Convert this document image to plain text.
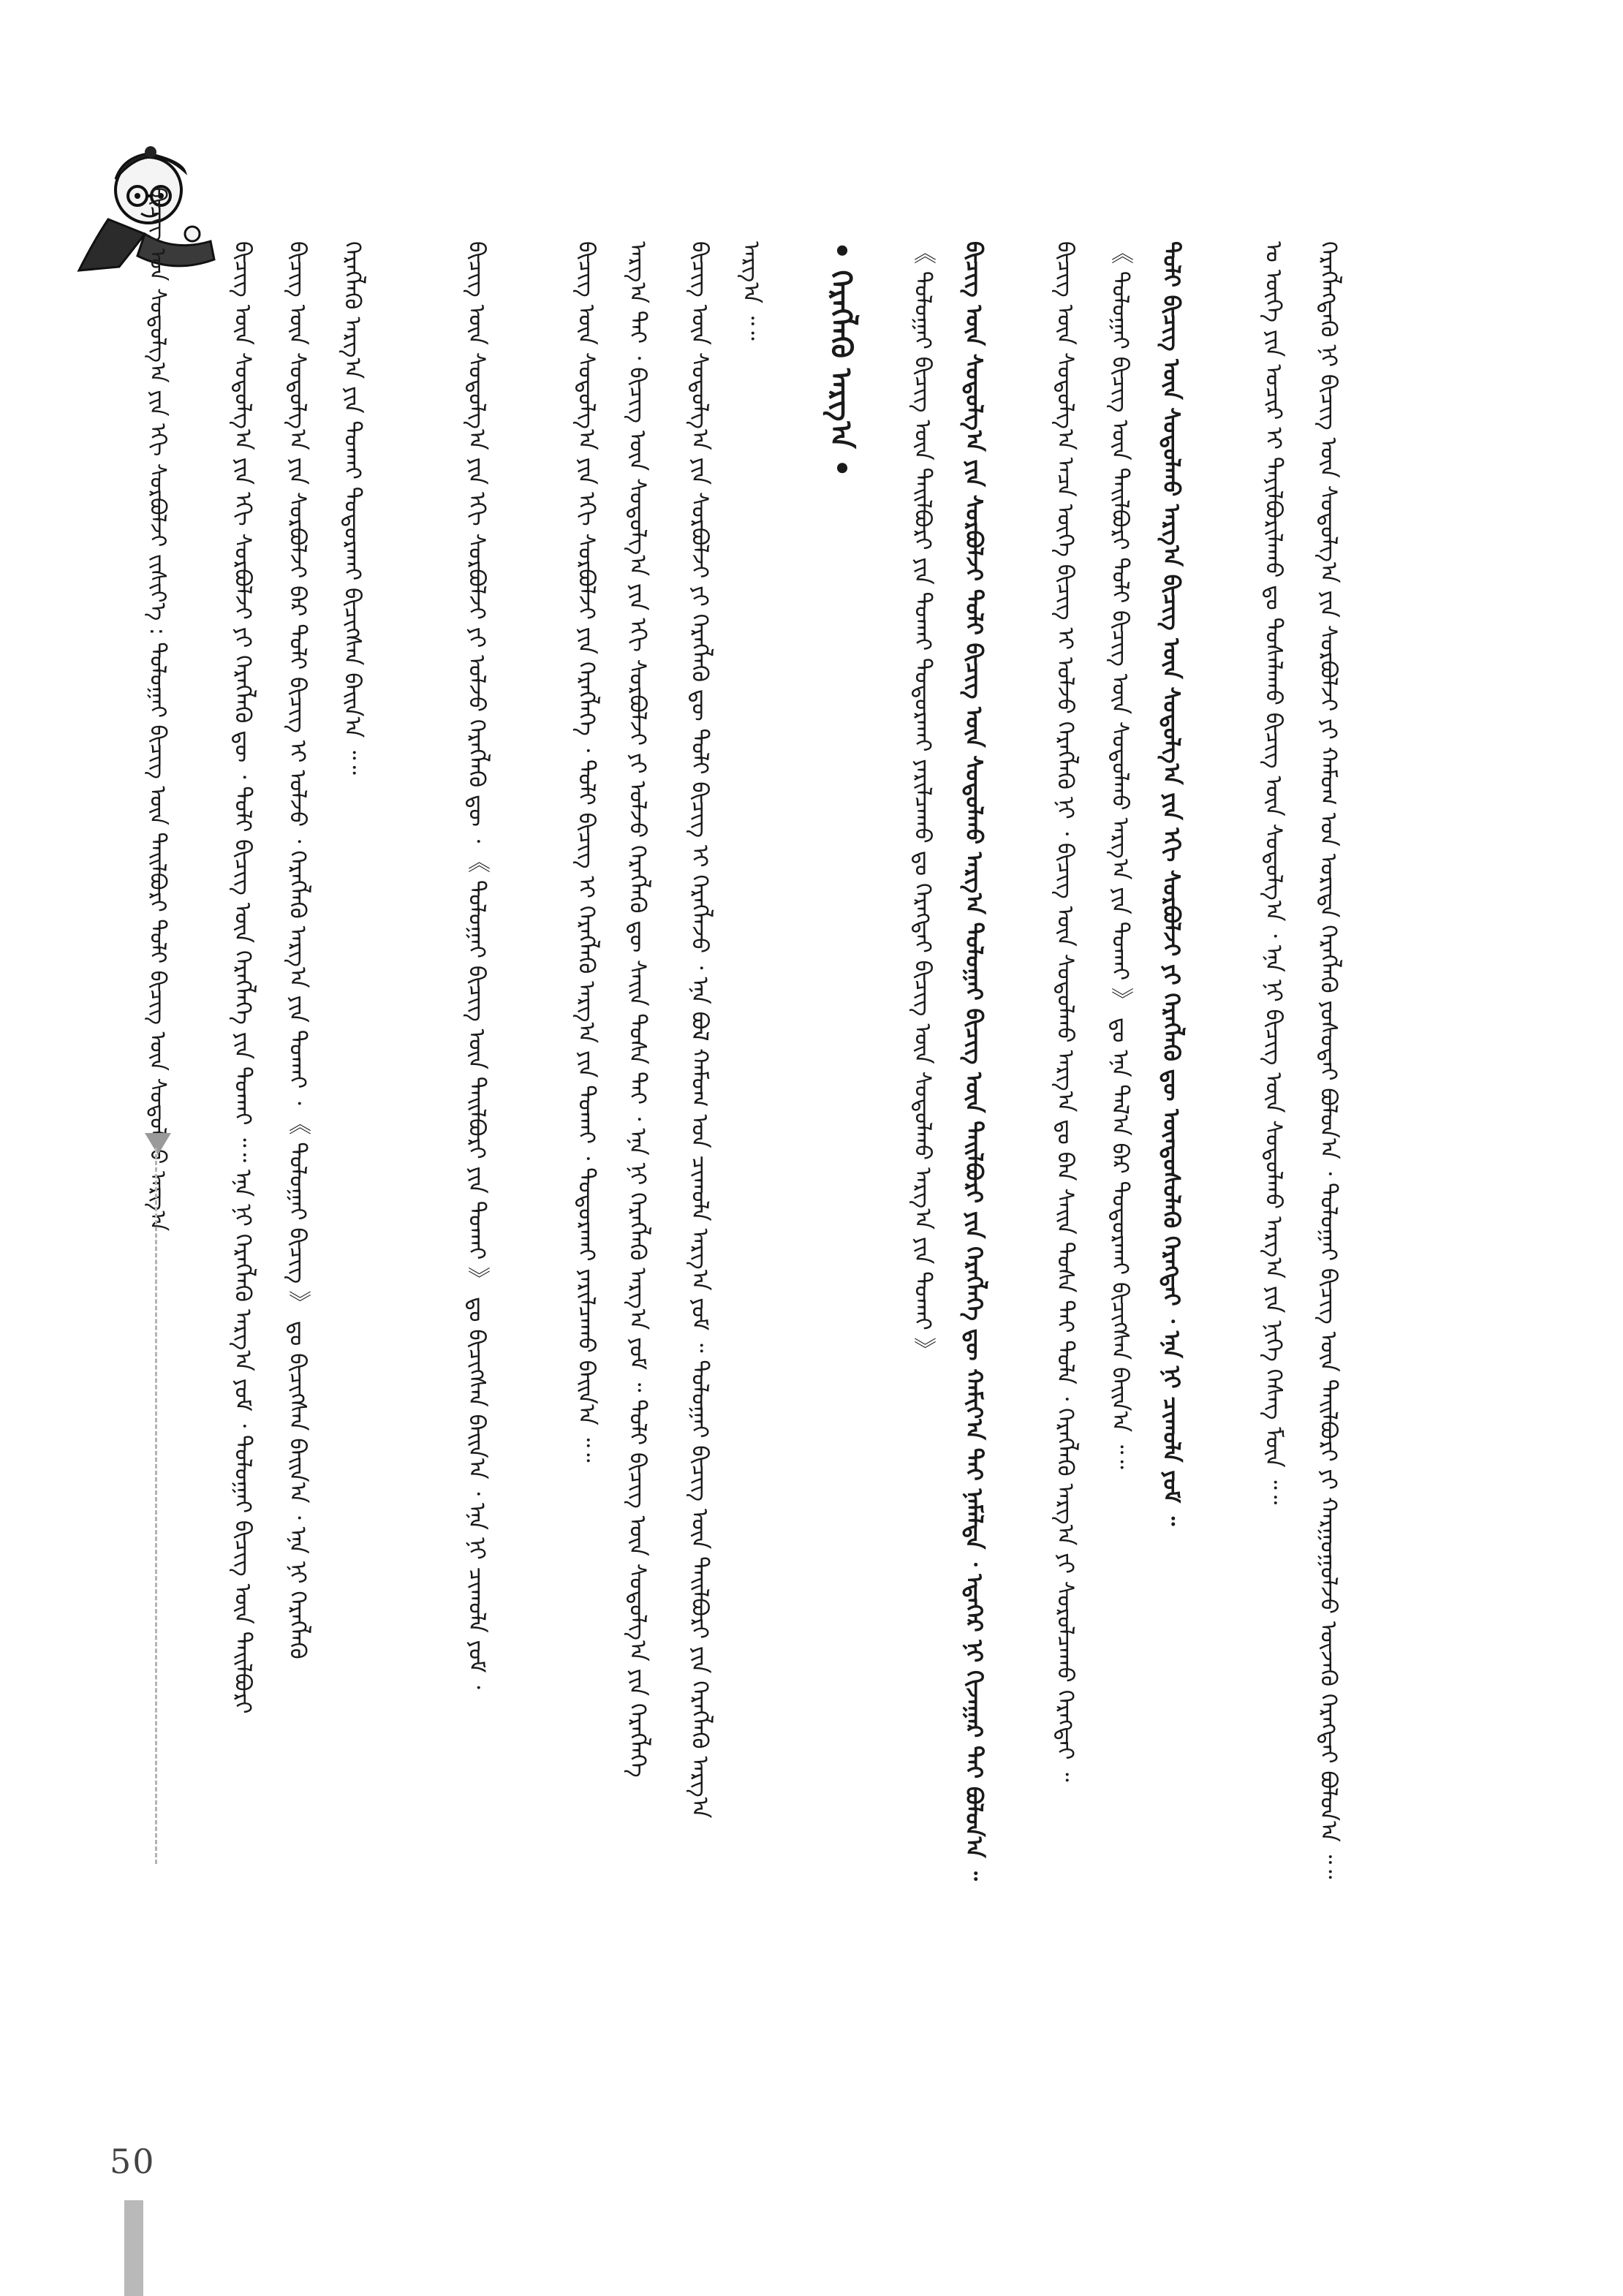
ᠪᠢᠴᠢᠭ᠌ ᠤᠨ ᠰᠤᠳᠤᠯᠭ᠎ᠠ ᠶᠢᠨ ᠡᠬᠢ ᠰᠤᠷᠪᠤᠯᠵᠢ ᠵᠢᠱᠢᠶ᠎ᠡ : ᠲᠤᠯᠤᠭᠠᠢ ᠪᠢᠴᠢᠭ᠌ ᠦᠨ ᠲᠠᠢᠯᠪᠤᠷᠢ ᠲᠣᠯᠢ ᠪᠢᠴᠢᠭ᠌ ᠦᠨ ᠰᠤᠳᠤᠯᠬᠤ ᠠᠷᠭ᠎ᠠ
50
ᠬᠡᠷᠡᠭᠯᠡᠭᠳᠡᠬᠦ ᠨᠢ ᠪᠢᠴᠢᠭ᠌ ᠦᠨ ᠰᠤᠳᠤᠯᠭ᠎ᠠ ᠶᠢᠨ ᠰᠤᠷᠪᠤᠯᠵᠢ ᠶᠢ ᠬᠠᠮᠤᠭ ᠤᠨ ᠤᠷᠢᠳᠠ ᠬᠡᠷᠡᠭᠯᠡᠬᠦ ᠶᠤᠰᠤᠲᠠᠢ ᠪᠣᠯᠤᠨ᠎ᠠ ᠂ ᠲᠤᠯᠤᠭᠠᠢ ᠪᠢᠴᠢᠭ᠌ ᠦᠨ ᠲᠠᠢᠯᠪᠤᠷᠢ ᠶᠢ ᠬᠠᠷᠭᠤᠭᠤᠯᠵᠤ ᠦᠵᠡᠬᠦ ᠬᠡᠷᠡᠭᠲᠡᠢ ᠪᠣᠯᠤᠨ᠎ᠠ ᠃᠃
ᠤ ᠦᠭᠡ ᠶᠢᠨ ᠤᠴᠢᠷ ᠢ ᠲᠠᠶᠢᠯᠪᠤᠷᠢᠯᠠᠬᠤ ᠳᠤ ᠲᠤᠰᠠᠯᠠᠬᠤ ᠪᠢᠴᠢᠭ᠌ ᠦᠨ ᠰᠤᠳᠤᠯᠭ᠎ᠠ ᠂ ᠡᠨᠡ ᠨᠢ ᠪᠢᠴᠢᠭ᠌ ᠦᠨ ᠰᠤᠳᠤᠯᠬᠤ ᠠᠷᠭ᠎ᠠ ᠶᠢᠨ ᠨᠢᠭᠡ ᠬᠡᠰᠡᠭ ᠮᠥᠨ ᠃᠃
ᠲᠣᠯᠢ ᠪᠢᠴᠢᠭ ᠦᠨ ᠰᠤᠳᠤᠯᠬᠤ ᠠᠷᠭ᠎ᠠ ᠪᠢᠴᠢᠭ᠌ ᠦᠨ ᠰᠤᠳᠤᠯᠭ᠎ᠠ ᠶᠢᠨ ᠡᠬᠢ ᠰᠤᠷᠪᠤᠯᠵᠢ ᠶᠢ ᠬᠡᠷᠡᠭᠯᠡᠬᠦ ᠳᠦ ᠦᠨᠳᠦᠰᠦᠯᠡᠬᠦ ᠬᠡᠷᠡᠭᠲᠡᠢ ᠂ ᠡᠨᠡ ᠨᠢ ᠴᠢᠬᠤᠯᠠ ᠶᠤᠮ ᠃
《 ᠲᠤᠯᠤᠭᠠᠢ ᠪᠢᠴᠢᠭ᠌ ᠦᠨ ᠲᠠᠢᠯᠪᠤᠷᠢ ᠲᠣᠯᠢ ᠪᠢᠴᠢᠭ᠌ ᠦᠨ ᠰᠤᠳᠤᠯᠬᠤ ᠠᠷᠭ᠎ᠠ ᠶᠢᠨ ᠲᠤᠬᠠᠢ 》 ᠳᠤ ᠡᠨᠡ ᠲᠠᠯ᠎ᠠ ᠪᠠᠷ ᠲᠣᠳᠣᠷᠬᠠᠢ ᠪᠢᠴᠢᠭᠰᠡᠨ ᠪᠠᠢᠨ᠎ᠠ ᠃᠃
ᠪᠢᠴᠢᠭ᠌ ᠦᠨ ᠰᠤᠳᠤᠯᠭ᠎ᠠ ᠠᠴᠠ ᠦᠭᠡ ᠪᠢᠴᠢᠭ ᠢ ᠣᠯᠵᠤ ᠬᠡᠷᠡᠭᠯᠡᠬᠦ ᠨᠢ ᠂ ᠪᠢᠴᠢᠭ᠌ ᠦᠨ ᠰᠤᠳᠤᠯᠬᠤ ᠠᠷᠭ᠎ᠠ ᠳᠤ ᠪᠠᠨ ᠰᠠᠢᠨ ᠲᠤᠰᠠ ᠲᠠᠢ ᠲᠤᠯᠠ ᠂ ᠬᠡᠷᠡᠭᠯᠡᠬᠦ ᠠᠷᠭ᠎ᠠ ᠶᠢ ᠰᠤᠷᠤᠯᠴᠠᠬᠤ ᠬᠡᠷᠡᠭᠲᠡᠢ ᠃
ᠪᠢᠴᠢᠭ᠌ ᠦᠨ ᠰᠤᠳᠤᠯᠭ᠎ᠠ ᠶᠢᠨ ᠰᠤᠷᠪᠤᠯᠵᠢ ᠲᠣᠯᠢ ᠪᠢᠴᠢᠭ ᠦᠨ ᠰᠤᠳᠤᠯᠬᠤ ᠠᠷᠭ᠎ᠠ ᠲᠤᠯᠤᠭᠠᠢ ᠪᠢᠴᠢᠭ᠌ ᠦᠨ ᠲᠠᠢᠯᠪᠤᠷᠢ ᠶᠢᠨ ᠬᠡᠷᠡᠭᠯᠡᠭᠡ ᠳᠦ ᠬᠠᠮᠢᠶ᠎ᠠ ᠲᠠᠢ ᠨᠡᠮᠡᠯᠲᠡ ᠂ ᠡᠳᠡᠭᠡᠷ ᠨᠢ ᠬᠢᠵᠠᠭᠠᠷ ᠲᠠᠢ ᠪᠣᠯᠤᠨ᠎ᠠ ᠃
《 ᠲᠤᠯᠤᠭᠠᠢ ᠪᠢᠴᠢᠭ᠌ ᠦᠨ ᠲᠠᠢᠯᠪᠤᠷᠢ ᠶᠢᠨ ᠲᠤᠬᠠᠢ ᠲᠣᠳᠣᠷᠬᠠᠢ ᠶᠠᠷᠢᠯᠴᠠᠬᠤ ᠳᠤ ᠬᠡᠷᠡᠭᠲᠡᠢ ᠪᠢᠴᠢᠭ᠌ ᠦᠨ ᠰᠤᠳᠤᠯᠬᠤ ᠠᠷᠭ᠎ᠠ ᠶᠢᠨ ᠲᠤᠬᠠᠢ 》
• ᠬᠡᠷᠡᠭᠯᠡᠬᠦ ᠠᠷᠭ᠎ᠠ •
ᠠᠷᠭ᠎ᠠ ᠃᠃
ᠪᠢᠴᠢᠭ᠌ ᠦᠨ ᠰᠤᠳᠤᠯᠭ᠎ᠠ ᠶᠢᠨ ᠰᠤᠷᠪᠤᠯᠵᠢ ᠶᠢ ᠬᠡᠷᠡᠭᠯᠡᠬᠦ ᠳᠦ ᠲᠣᠯᠢ ᠪᠢᠴᠢᠭ᠌ ᠢ ᠬᠡᠷᠡᠭᠯᠡᠵᠦ ᠂ ᠡᠨᠡ ᠪᠣᠯ ᠬᠠᠮᠤᠭ ᠤᠨ ᠴᠢᠬᠤᠯᠠ ᠠᠷᠭ᠎ᠠ ᠶᠤᠮ ᠃ ᠲᠤᠯᠤᠭᠠᠢ ᠪᠢᠴᠢᠭ᠌ ᠦᠨ ᠲᠠᠢᠯᠪᠤᠷᠢ ᠶᠢᠨ ᠬᠡᠷᠡᠭᠯᠡᠬᠦ ᠠᠷᠭ᠎ᠠ
ᠠᠷᠭ᠎ᠠ ᠲᠠᠢ ᠂ ᠪᠢᠴᠢᠭ᠌ ᠦᠨ ᠰᠤᠳᠤᠯᠭ᠎ᠠ ᠶᠢᠨ ᠡᠬᠢ ᠰᠤᠷᠪᠤᠯᠵᠢ ᠶᠢ ᠣᠯᠵᠤ ᠬᠡᠷᠡᠭᠯᠡᠬᠦ ᠳᠦ ᠰᠠᠢᠨ ᠲᠤᠰᠠ ᠲᠠᠢ ᠂ ᠡᠨᠡ ᠨᠢ ᠬᠡᠷᠡᠭᠯᠡᠬᠦ ᠠᠷᠭ᠎ᠠ ᠶᠤᠮ ᠃ ᠲᠣᠯᠢ ᠪᠢᠴᠢᠭ᠌ ᠦᠨ ᠰᠤᠳᠤᠯᠭ᠎ᠠ ᠶᠢᠨ ᠬᠡᠷᠡᠭᠯᠡᠭᠡ
ᠪᠢᠴᠢᠭ᠌ ᠦᠨ ᠰᠤᠳᠤᠯᠭ᠎ᠠ ᠶᠢᠨ ᠡᠬᠢ ᠰᠤᠷᠪᠤᠯᠵᠢ ᠶᠢᠨ ᠬᠡᠷᠡᠭᠯᠡᠭᠡ ᠂ ᠲᠣᠯᠢ ᠪᠢᠴᠢᠭ᠌ ᠢ ᠬᠡᠷᠡᠭᠯᠡᠬᠦ ᠠᠷᠭ᠎ᠠ ᠶᠢᠨ ᠲᠤᠬᠠᠢ ᠂ ᠲᠣᠳᠣᠷᠬᠠᠢ ᠶᠠᠷᠢᠯᠴᠠᠬᠤ ᠪᠠᠢᠨ᠎ᠠ ᠃᠃
ᠪᠢᠴᠢᠭ᠌ ᠦᠨ ᠰᠤᠳᠤᠯᠭ᠎ᠠ ᠶᠢᠨ ᠡᠬᠢ ᠰᠤᠷᠪᠤᠯᠵᠢ ᠶᠢ ᠣᠯᠵᠤ ᠬᠡᠷᠡᠭᠯᠡᠬᠦ ᠳᠦ ᠂ 《 ᠲᠤᠯᠤᠭᠠᠢ ᠪᠢᠴᠢᠭ᠌ ᠦᠨ ᠲᠠᠢᠯᠪᠤᠷᠢ ᠶᠢᠨ ᠲᠤᠬᠠᠢ 》 ᠳᠤ ᠪᠢᠴᠢᠭᠰᠡᠨ ᠪᠠᠢᠨ᠎ᠠ ᠂ ᠡᠨᠡ ᠨᠢ ᠴᠢᠬᠤᠯᠠ ᠶᠤᠮ ᠂
ᠬᠡᠷᠡᠭᠯᠡᠬᠦ ᠠᠷᠭ᠎ᠠ ᠶᠢᠨ ᠲᠤᠬᠠᠢ ᠲᠣᠳᠣᠷᠬᠠᠢ ᠪᠢᠴᠢᠭᠰᠡᠨ ᠪᠠᠢᠨ᠎ᠠ ᠃᠃
ᠪᠢᠴᠢᠭ᠌ ᠦᠨ ᠰᠤᠳᠤᠯᠭ᠎ᠠ ᠶᠢᠨ ᠰᠤᠷᠪᠤᠯᠵᠢ ᠪᠠᠷ ᠲᠣᠯᠢ ᠪᠢᠴᠢᠭ᠌ ᠢ ᠣᠯᠵᠤ ᠂ ᠬᠡᠷᠡᠭᠯᠡᠬᠦ ᠠᠷᠭ᠎ᠠ ᠶᠢᠨ ᠲᠤᠬᠠᠢ ᠂ 《 ᠲᠤᠯᠤᠭᠠᠢ ᠪᠢᠴᠢᠭ᠌ 》 ᠳᠤ ᠪᠢᠴᠢᠭᠰᠡᠨ ᠪᠠᠢᠨ᠎ᠠ ᠂ ᠡᠨᠡ ᠨᠢ ᠬᠡᠷᠡᠭᠯᠡᠬᠦ
ᠪᠢᠴᠢᠭ᠌ ᠦᠨ ᠰᠤᠳᠤᠯᠭ᠎ᠠ ᠶᠢᠨ ᠡᠬᠢ ᠰᠤᠷᠪᠤᠯᠵᠢ ᠶᠢ ᠬᠡᠷᠡᠭᠯᠡᠬᠦ ᠳᠦ ᠂ ᠲᠣᠯᠢ ᠪᠢᠴᠢᠭ᠌ ᠦᠨ ᠬᠡᠷᠡᠭᠯᠡᠭᠡ ᠶᠢᠨ ᠲᠤᠬᠠᠢ ᠃᠃ ᠡᠨᠡ ᠨᠢ ᠬᠡᠷᠡᠭᠯᠡᠬᠦ ᠠᠷᠭ᠎ᠠ ᠶᠤᠮ ᠂ ᠲᠤᠯᠤᠭᠠᠢ ᠪᠢᠴᠢᠭ᠌ ᠦᠨ ᠲᠠᠢᠯᠪᠤᠷᠢ
